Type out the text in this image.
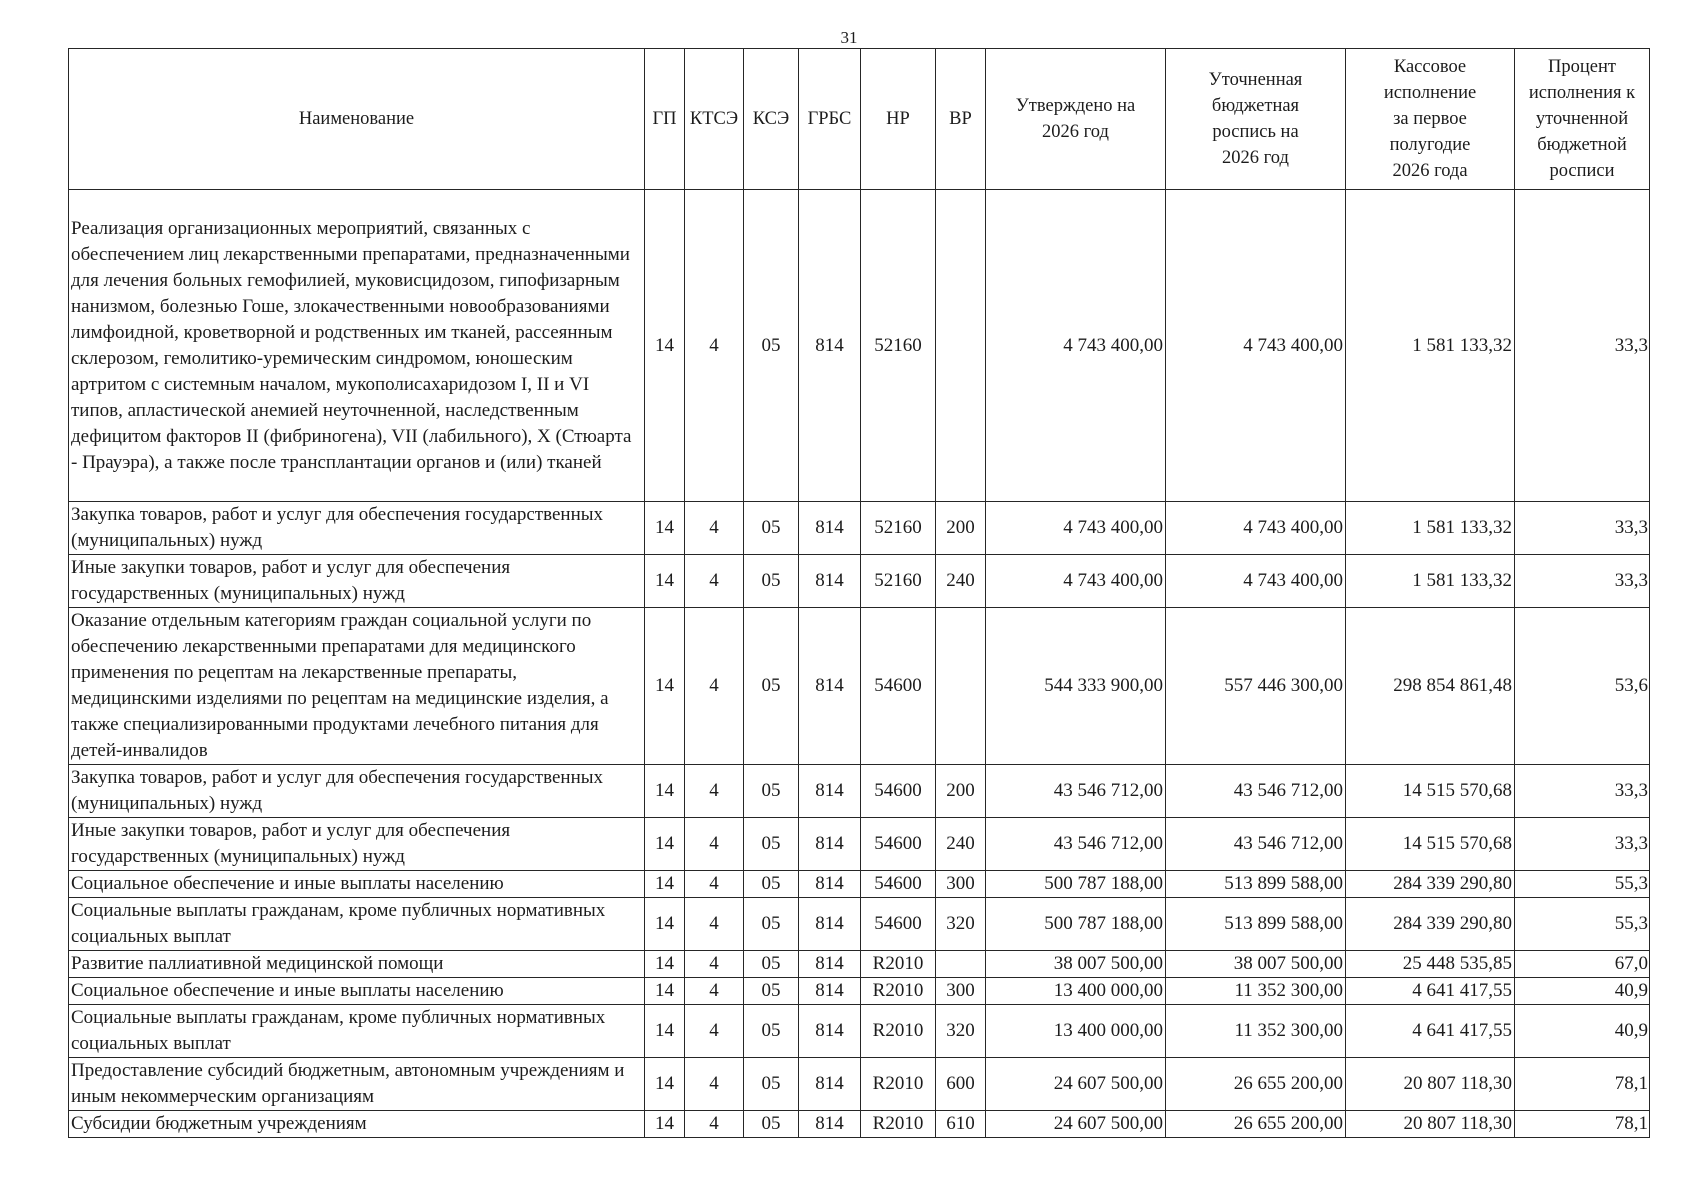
31
Наименование	ГП	КТСЭ	КСЭ	ГРБС	НР	ВР	Утверждено на 2026 год	Уточненная бюджетная роспись на 2026 год	Кассовое исполнение за первое полугодие 2026 года	Процент исполнения к уточненной бюджетной росписи
Реализация организационных мероприятий, связанных с обеспечением лиц лекарственными препаратами, предназначенными для лечения больных гемофилией, муковисцидозом, гипофизарным нанизмом, болезнью Гоше, злокачественными новообразованиями лимфоидной, кроветворной и родственных им тканей, рассеянным склерозом, гемолитико-уремическим синдромом, юношеским артритом с системным началом, мукополисахаридозом I, II и VI типов, апластической анемией неуточненной, наследственным дефицитом факторов II (фибриногена), VII (лабильного), X (Стюарта - Прауэра), а также после трансплантации органов и (или) тканей	14	4	05	814	52160		4 743 400,00	4 743 400,00	1 581 133,32	33,3
Закупка товаров, работ и услуг для обеспечения государственных (муниципальных) нужд	14	4	05	814	52160	200	4 743 400,00	4 743 400,00	1 581 133,32	33,3
Иные закупки товаров, работ и услуг для обеспечения государственных (муниципальных) нужд	14	4	05	814	52160	240	4 743 400,00	4 743 400,00	1 581 133,32	33,3
Оказание отдельным категориям граждан социальной услуги по обеспечению лекарственными препаратами для медицинского применения по рецептам на лекарственные препараты, медицинскими изделиями по рецептам на медицинские изделия, а также специализированными продуктами лечебного питания для детей-инвалидов	14	4	05	814	54600		544 333 900,00	557 446 300,00	298 854 861,48	53,6
Закупка товаров, работ и услуг для обеспечения государственных (муниципальных) нужд	14	4	05	814	54600	200	43 546 712,00	43 546 712,00	14 515 570,68	33,3
Иные закупки товаров, работ и услуг для обеспечения государственных (муниципальных) нужд	14	4	05	814	54600	240	43 546 712,00	43 546 712,00	14 515 570,68	33,3
Социальное обеспечение и иные выплаты населению	14	4	05	814	54600	300	500 787 188,00	513 899 588,00	284 339 290,80	55,3
Социальные выплаты гражданам, кроме публичных нормативных социальных выплат	14	4	05	814	54600	320	500 787 188,00	513 899 588,00	284 339 290,80	55,3
Развитие паллиативной медицинской помощи	14	4	05	814	R2010		38 007 500,00	38 007 500,00	25 448 535,85	67,0
Социальное обеспечение и иные выплаты населению	14	4	05	814	R2010	300	13 400 000,00	11 352 300,00	4 641 417,55	40,9
Социальные выплаты гражданам, кроме публичных нормативных социальных выплат	14	4	05	814	R2010	320	13 400 000,00	11 352 300,00	4 641 417,55	40,9
Предоставление субсидий бюджетным, автономным учреждениям и иным некоммерческим организациям	14	4	05	814	R2010	600	24 607 500,00	26 655 200,00	20 807 118,30	78,1
Субсидии бюджетным учреждениям	14	4	05	814	R2010	610	24 607 500,00	26 655 200,00	20 807 118,30	78,1
